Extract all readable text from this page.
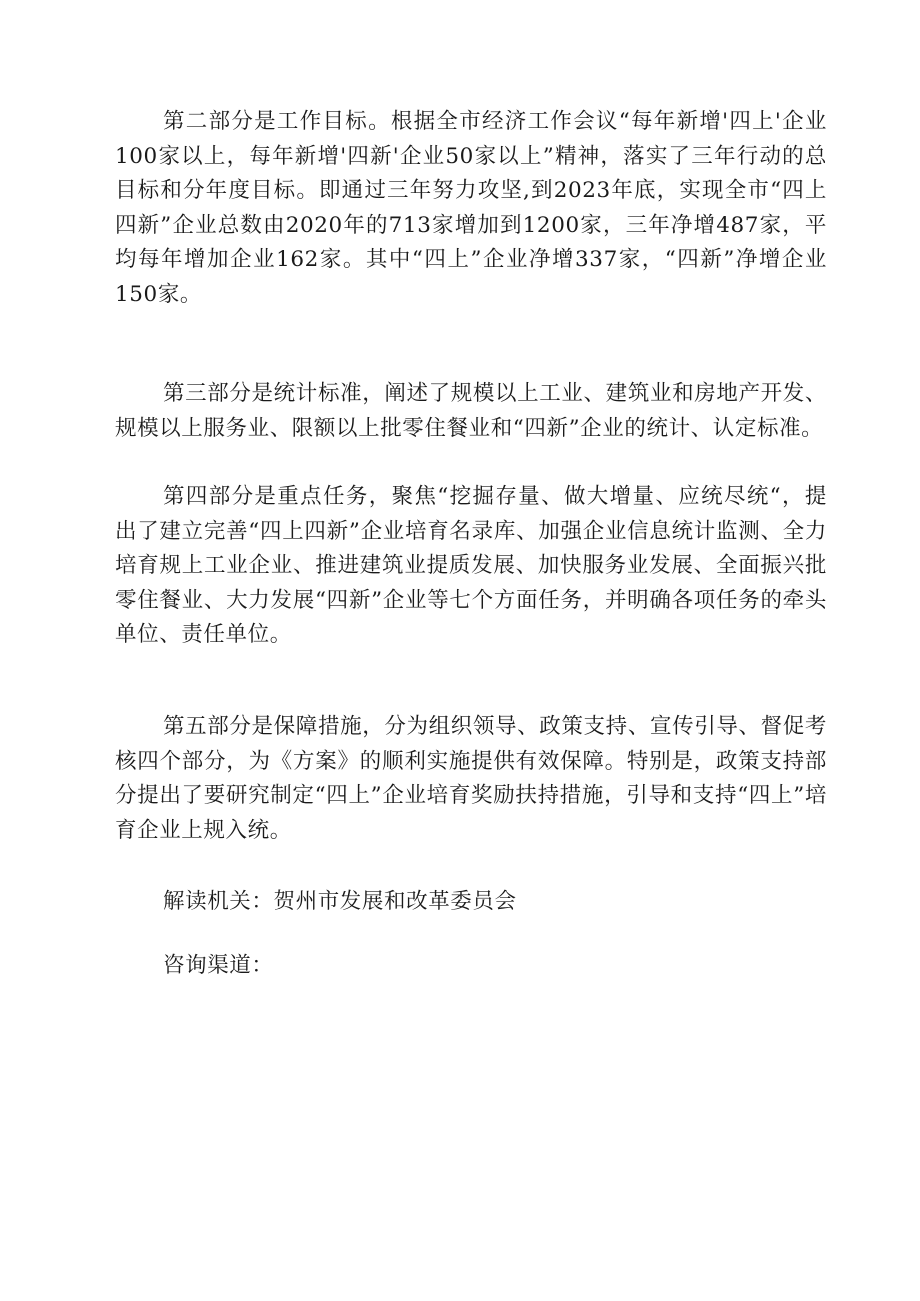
第二部分是工作目标。根据全市经济工作会议“每年新增'四上'企业100家以上，每年新增'四新'企业50家以上”精神，落实了三年行动的总目标和分年度目标。即通过三年努力攻坚,到2023年底，实现全市“四上四新”企业总数由2020年的713家增加到1200家，三年净增487家，平均每年增加企业162家。其中“四上”企业净增337家，“四新”净增企业150家。

第三部分是统计标准，阐述了规模以上工业、建筑业和房地产开发、规模以上服务业、限额以上批零住餐业和“四新”企业的统计、认定标准。

第四部分是重点任务，聚焦“挖掘存量、做大增量、应统尽统“，提出了建立完善“四上四新”企业培育名录库、加强企业信息统计监测、全力培育规上工业企业、推进建筑业提质发展、加快服务业发展、全面振兴批零住餐业、大力发展“四新”企业等七个方面任务，并明确各项任务的牵头单位、责任单位。

第五部分是保障措施，分为组织领导、政策支持、宣传引导、督促考核四个部分，为《方案》的顺利实施提供有效保障。特别是，政策支持部分提出了要研究制定“四上”企业培育奖励扶持措施，引导和支持“四上”培育企业上规入统。

解读机关：贺州市发展和改革委员会

咨询渠道：
